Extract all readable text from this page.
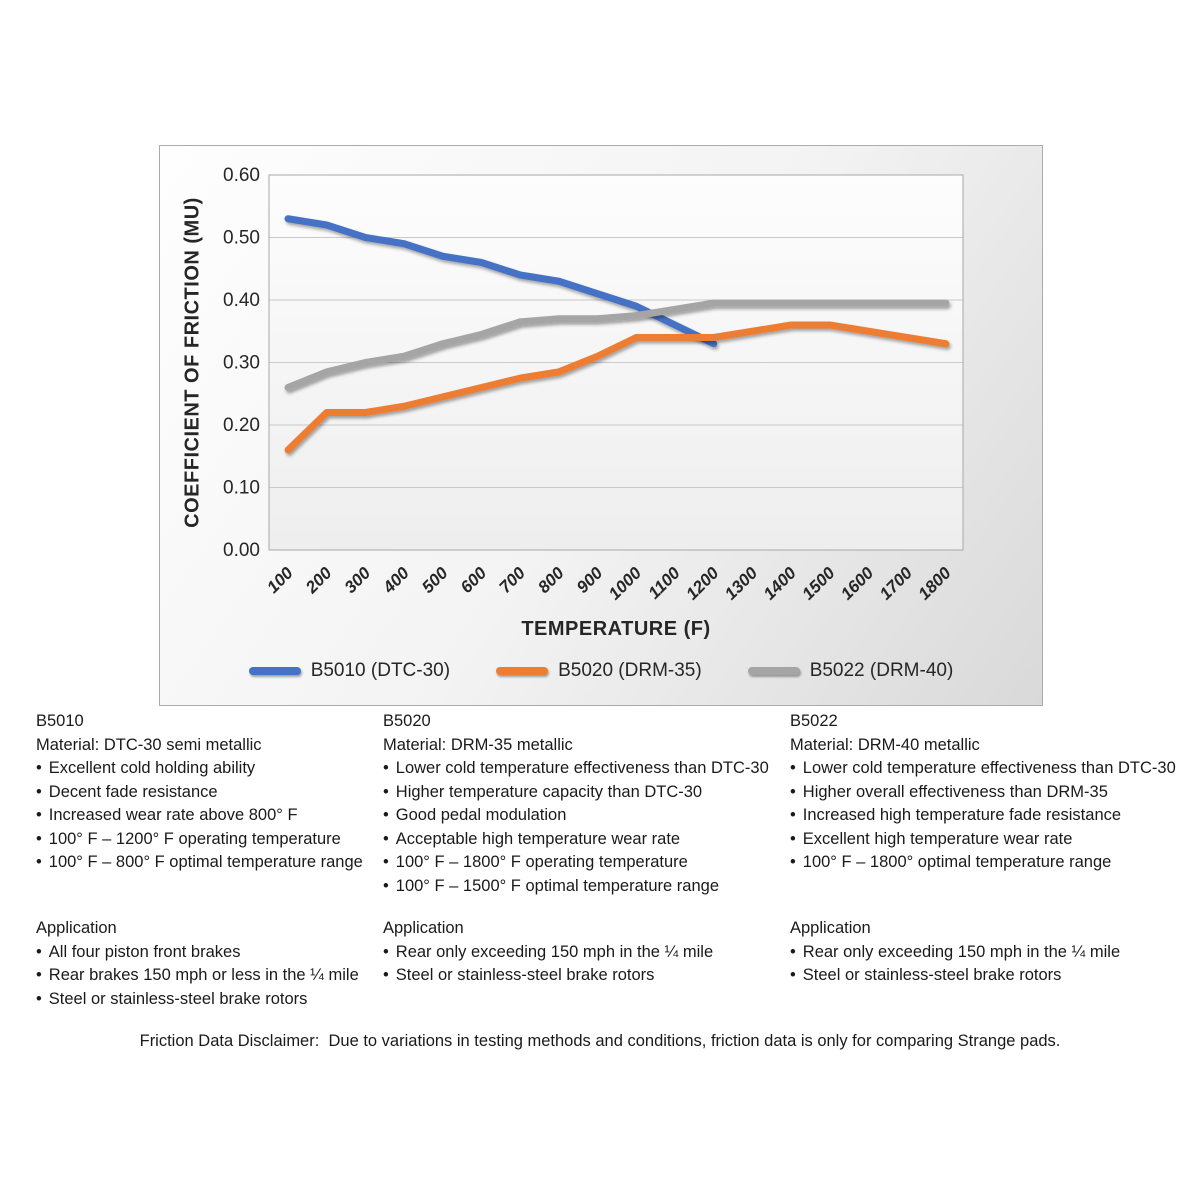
0.00
0.10
0.20
0.30
0.40
0.50
0.60
100 200 300 400 500 600 700 800 900
1000 1100
1200
1300
1400
1500
1600
1700
1800
COEFFICIENT OF FRICTION (MU)
TEMPERATURE (F)
B5010 (DTC-30)	B5020 (DRM-35)	B5022 (DRM-40)
B5010
Material: DTC-30 semi metallic
• Excellent cold holding ability
• Decent fade resistance
• Increased wear rate above 800° F
• 100° F – 1200° F operating temperature
• 100° F – 800° F optimal temperature range
B5020
Material: DRM-35 metallic
• Lower cold temperature effectiveness than DTC-30
• Higher temperature capacity than DTC-30
• Good pedal modulation
• Acceptable high temperature wear rate
• 100° F – 1800° F operating temperature
• 100° F – 1500° F optimal temperature range
B5022
Material: DRM-40 metallic
• Lower cold temperature effectiveness than DTC-30
• Higher overall effectiveness than DRM-35
• Increased high temperature fade resistance
• Excellent high temperature wear rate
• 100° F – 1800° optimal temperature range
Application
• All four piston front brakes
• Rear brakes 150 mph or less in the ¼ mile
• Steel or stainless-steel brake rotors
Application
• Rear only exceeding 150 mph in the ¼ mile
• Steel or stainless-steel brake rotors
Application
• Rear only exceeding 150 mph in the ¼ mile
• Steel or stainless-steel brake rotors
Friction Data Disclaimer:  Due to variations in testing methods and conditions, friction data is only for comparing Strange pads.
